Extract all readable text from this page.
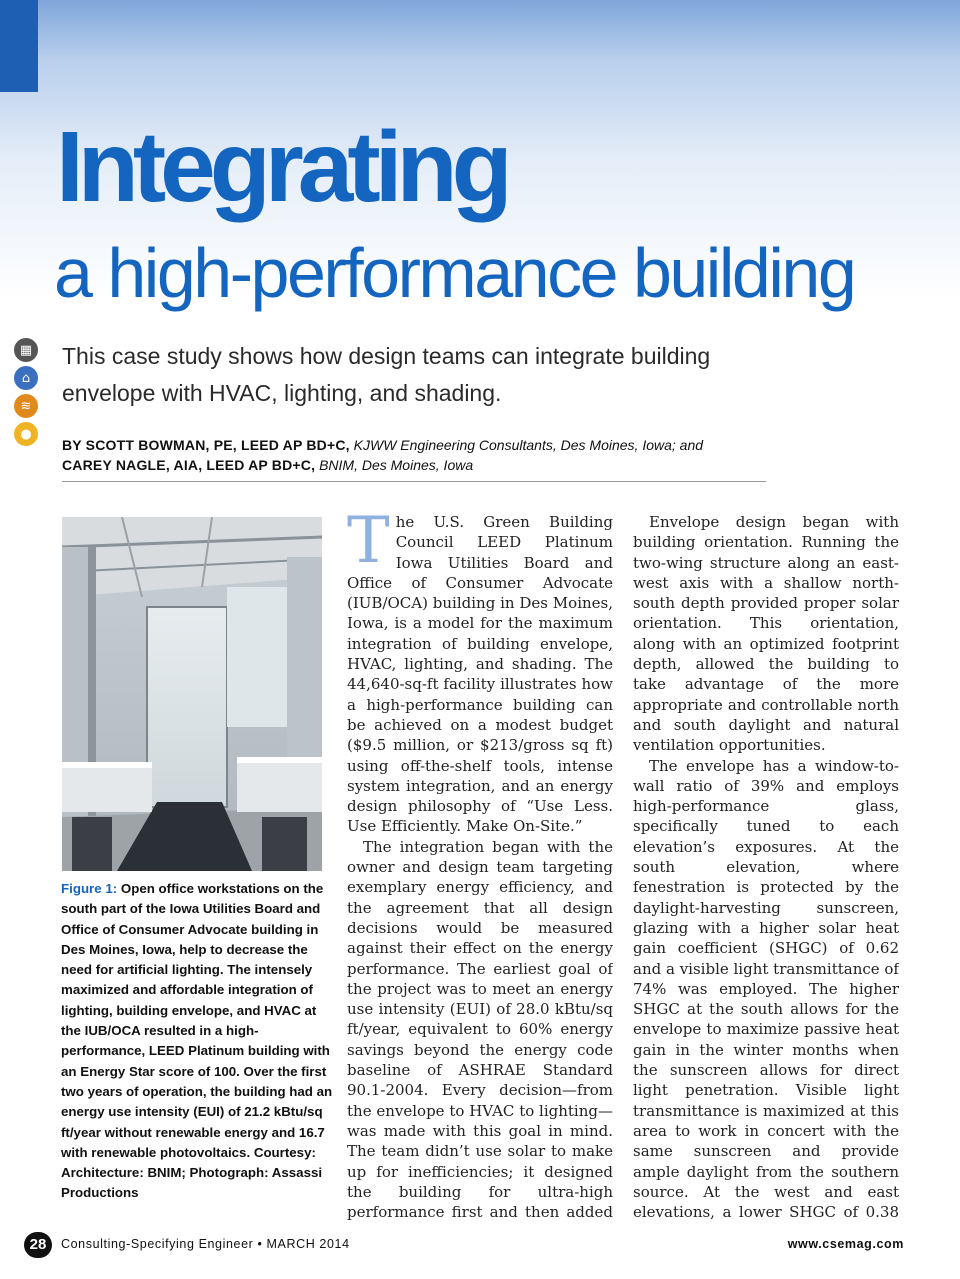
Integrating
a high-performance building
▦
⌂
≋
●

This case study shows how design teams can integrate building envelope with HVAC, lighting, and shading.

BY SCOTT BOWMAN, PE, LEED AP BD+C, KJWW Engineering Consultants, Des Moines, Iowa; and
CAREY NAGLE, AIA, LEED AP BD+C, BNIM, Des Moines, Iowa

Figure 1: Open office workstations on the south part of the Iowa Utilities Board and Office of Consumer Advocate building in Des Moines, Iowa, help to decrease the need for artificial lighting. The intensely maximized and affordable integration of lighting, building envelope, and HVAC at the IUB/OCA resulted in a high-performance, LEED Platinum building with an Energy Star score of 100. Over the first two years of operation, the building had an energy use intensity (EUI) of 21.2 kBtu/sq ft/year without renewable energy and 16.7 with renewable photovoltaics. Courtesy: Architecture: BNIM; Photograph: Assassi Productions

The U.S. Green Building Council LEED Platinum Iowa Utilities Board and Office of Consumer Advocate (IUB/OCA) building in Des Moines, Iowa, is a model for the maximum integration of building envelope, HVAC, lighting, and shading. The 44,640-sq-ft facility illustrates how a high-performance building can be achieved on a modest budget ($9.5 million, or $213/gross sq ft) using off-the-shelf tools, intense system integration, and an energy design philosophy of “Use Less. Use Efficiently. Make On-Site.”

The integration began with the owner and design team targeting exemplary energy efficiency, and the agreement that all design decisions would be measured against their effect on the energy performance. The earliest goal of the project was to meet an energy use intensity (EUI) of 28.0 kBtu/sq ft/year, equivalent to 60% energy savings beyond the energy code baseline of ASHRAE Standard 90.1-2004. Every decision—from the envelope to HVAC to lighting—was made with this goal in mind. The team didn’t use solar to make up for inefficiencies; it designed the building for ultra-high performance first and then added

Envelope design began with building orientation. Running the two-wing structure along an east-west axis with a shallow north-south depth provided proper solar orientation. This orientation, along with an optimized footprint depth, allowed the building to take advantage of the more appropriate and controllable north and south daylight and natural ventilation opportunities.

The envelope has a window-to-wall ratio of 39% and employs high-performance glass, specifically tuned to each elevation’s exposures. At the south elevation, where fenestration is protected by the daylight-harvesting sunscreen, glazing with a higher solar heat gain coefficient (SHGC) of 0.62 and a visible light transmittance of 74% was employed. The higher SHGC at the south allows for the envelope to maximize passive heat gain in the winter months when the sunscreen allows for direct light penetration. Visible light transmittance is maximized at this area to work in concert with the same sunscreen and provide ample daylight from the southern source. At the west and east elevations, a lower SHGC of 0.38

28	Consulting-Specifying Engineer • MARCH 2014	www.csemag.com
